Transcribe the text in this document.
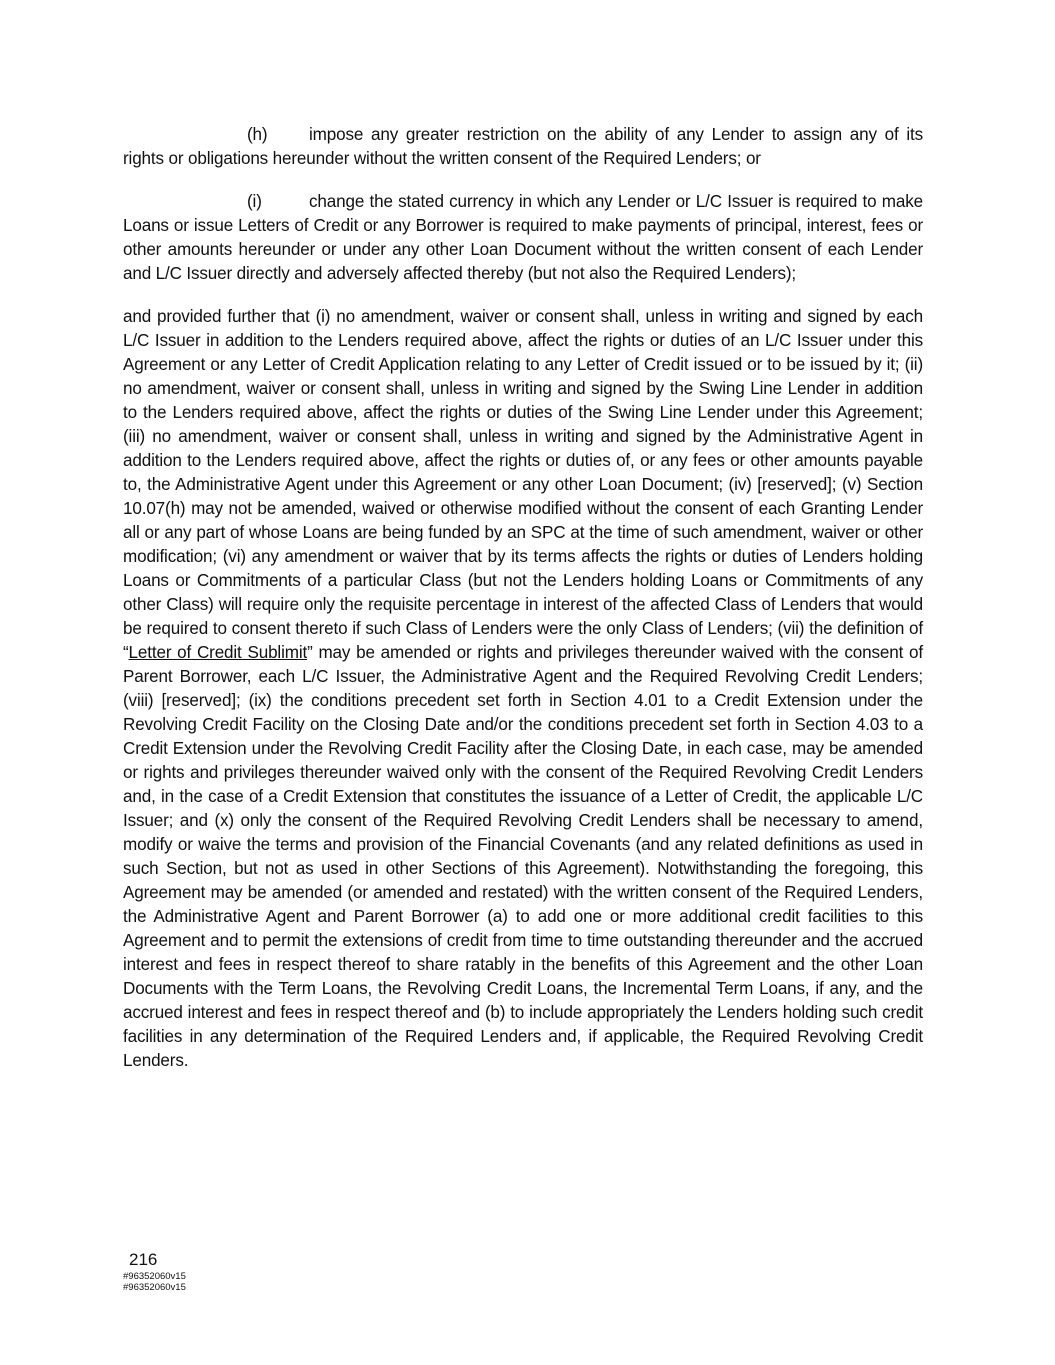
(h) impose any greater restriction on the ability of any Lender to assign any of its rights or obligations hereunder without the written consent of the Required Lenders; or

(i)	change the stated currency in which any Lender or L/C Issuer is required to make Loans or issue Letters of Credit or any Borrower is required to make payments of principal, interest, fees or other amounts hereunder or under any other Loan Document without the written consent of each Lender and L/C Issuer directly and adversely affected thereby (but not also the Required Lenders);

and provided further that (i) no amendment, waiver or consent shall, unless in writing and signed by each L/C Issuer in addition to the Lenders required above, affect the rights or duties of an L/C Issuer under this Agreement or any Letter of Credit Application relating to any Letter of Credit issued or to be issued by it; (ii) no amendment, waiver or consent shall, unless in writing and signed by the Swing Line Lender in addition to the Lenders required above, affect the rights or duties of the Swing Line Lender under this Agreement; (iii) no amendment, waiver or consent shall, unless in writing and signed by the Administrative Agent in addition to the Lenders required above, affect the rights or duties of, or any fees or other amounts payable to, the Administrative Agent under this Agreement or any other Loan Document; (iv) [reserved]; (v) Section 10.07(h) may not be amended, waived or otherwise modified without the consent of each Granting Lender all or any part of whose Loans are being funded by an SPC at the time of such amendment, waiver or other modification; (vi) any amendment or waiver that by its terms affects the rights or duties of Lenders holding Loans or Commitments of a particular Class (but not the Lenders holding Loans or Commitments of any other Class) will require only the requisite percentage in interest of the affected Class of Lenders that would be required to consent thereto if such Class of Lenders were the only Class of Lenders; (vii) the definition of “Letter of Credit Sublimit” may be amended or rights and privileges thereunder waived with the consent of Parent Borrower, each L/C Issuer, the Administrative Agent and the Required Revolving Credit Lenders; (viii) [reserved]; (ix) the conditions precedent set forth in Section 4.01 to a Credit Extension under the Revolving Credit Facility on the Closing Date and/or the conditions precedent set forth in Section 4.03 to a Credit Extension under the Revolving Credit Facility after the Closing Date, in each case, may be amended or rights and privileges thereunder waived only with the consent of the Required Revolving Credit Lenders and, in the case of a Credit Extension that constitutes the issuance of a Letter of Credit, the applicable L/C Issuer; and (x) only the consent of the Required Revolving Credit Lenders shall be necessary to amend, modify or waive the terms and provision of the Financial Covenants (and any related definitions as used in such Section, but not as used in other Sections of this Agreement). Notwithstanding the foregoing, this Agreement may be amended (or amended and restated) with the written consent of the Required Lenders, the Administrative Agent and Parent Borrower (a) to add one or more additional credit facilities to this Agreement and to permit the extensions of credit from time to time outstanding thereunder and the accrued interest and fees in respect thereof to share ratably in the benefits of this Agreement and the other Loan Documents with the Term Loans, the Revolving Credit Loans, the Incremental Term Loans, if any, and the accrued interest and fees in respect thereof and (b) to include appropriately the Lenders holding such credit facilities in any determination of the Required Lenders and, if applicable, the Required Revolving Credit Lenders.

216
#96352060v15
#96352060v15
